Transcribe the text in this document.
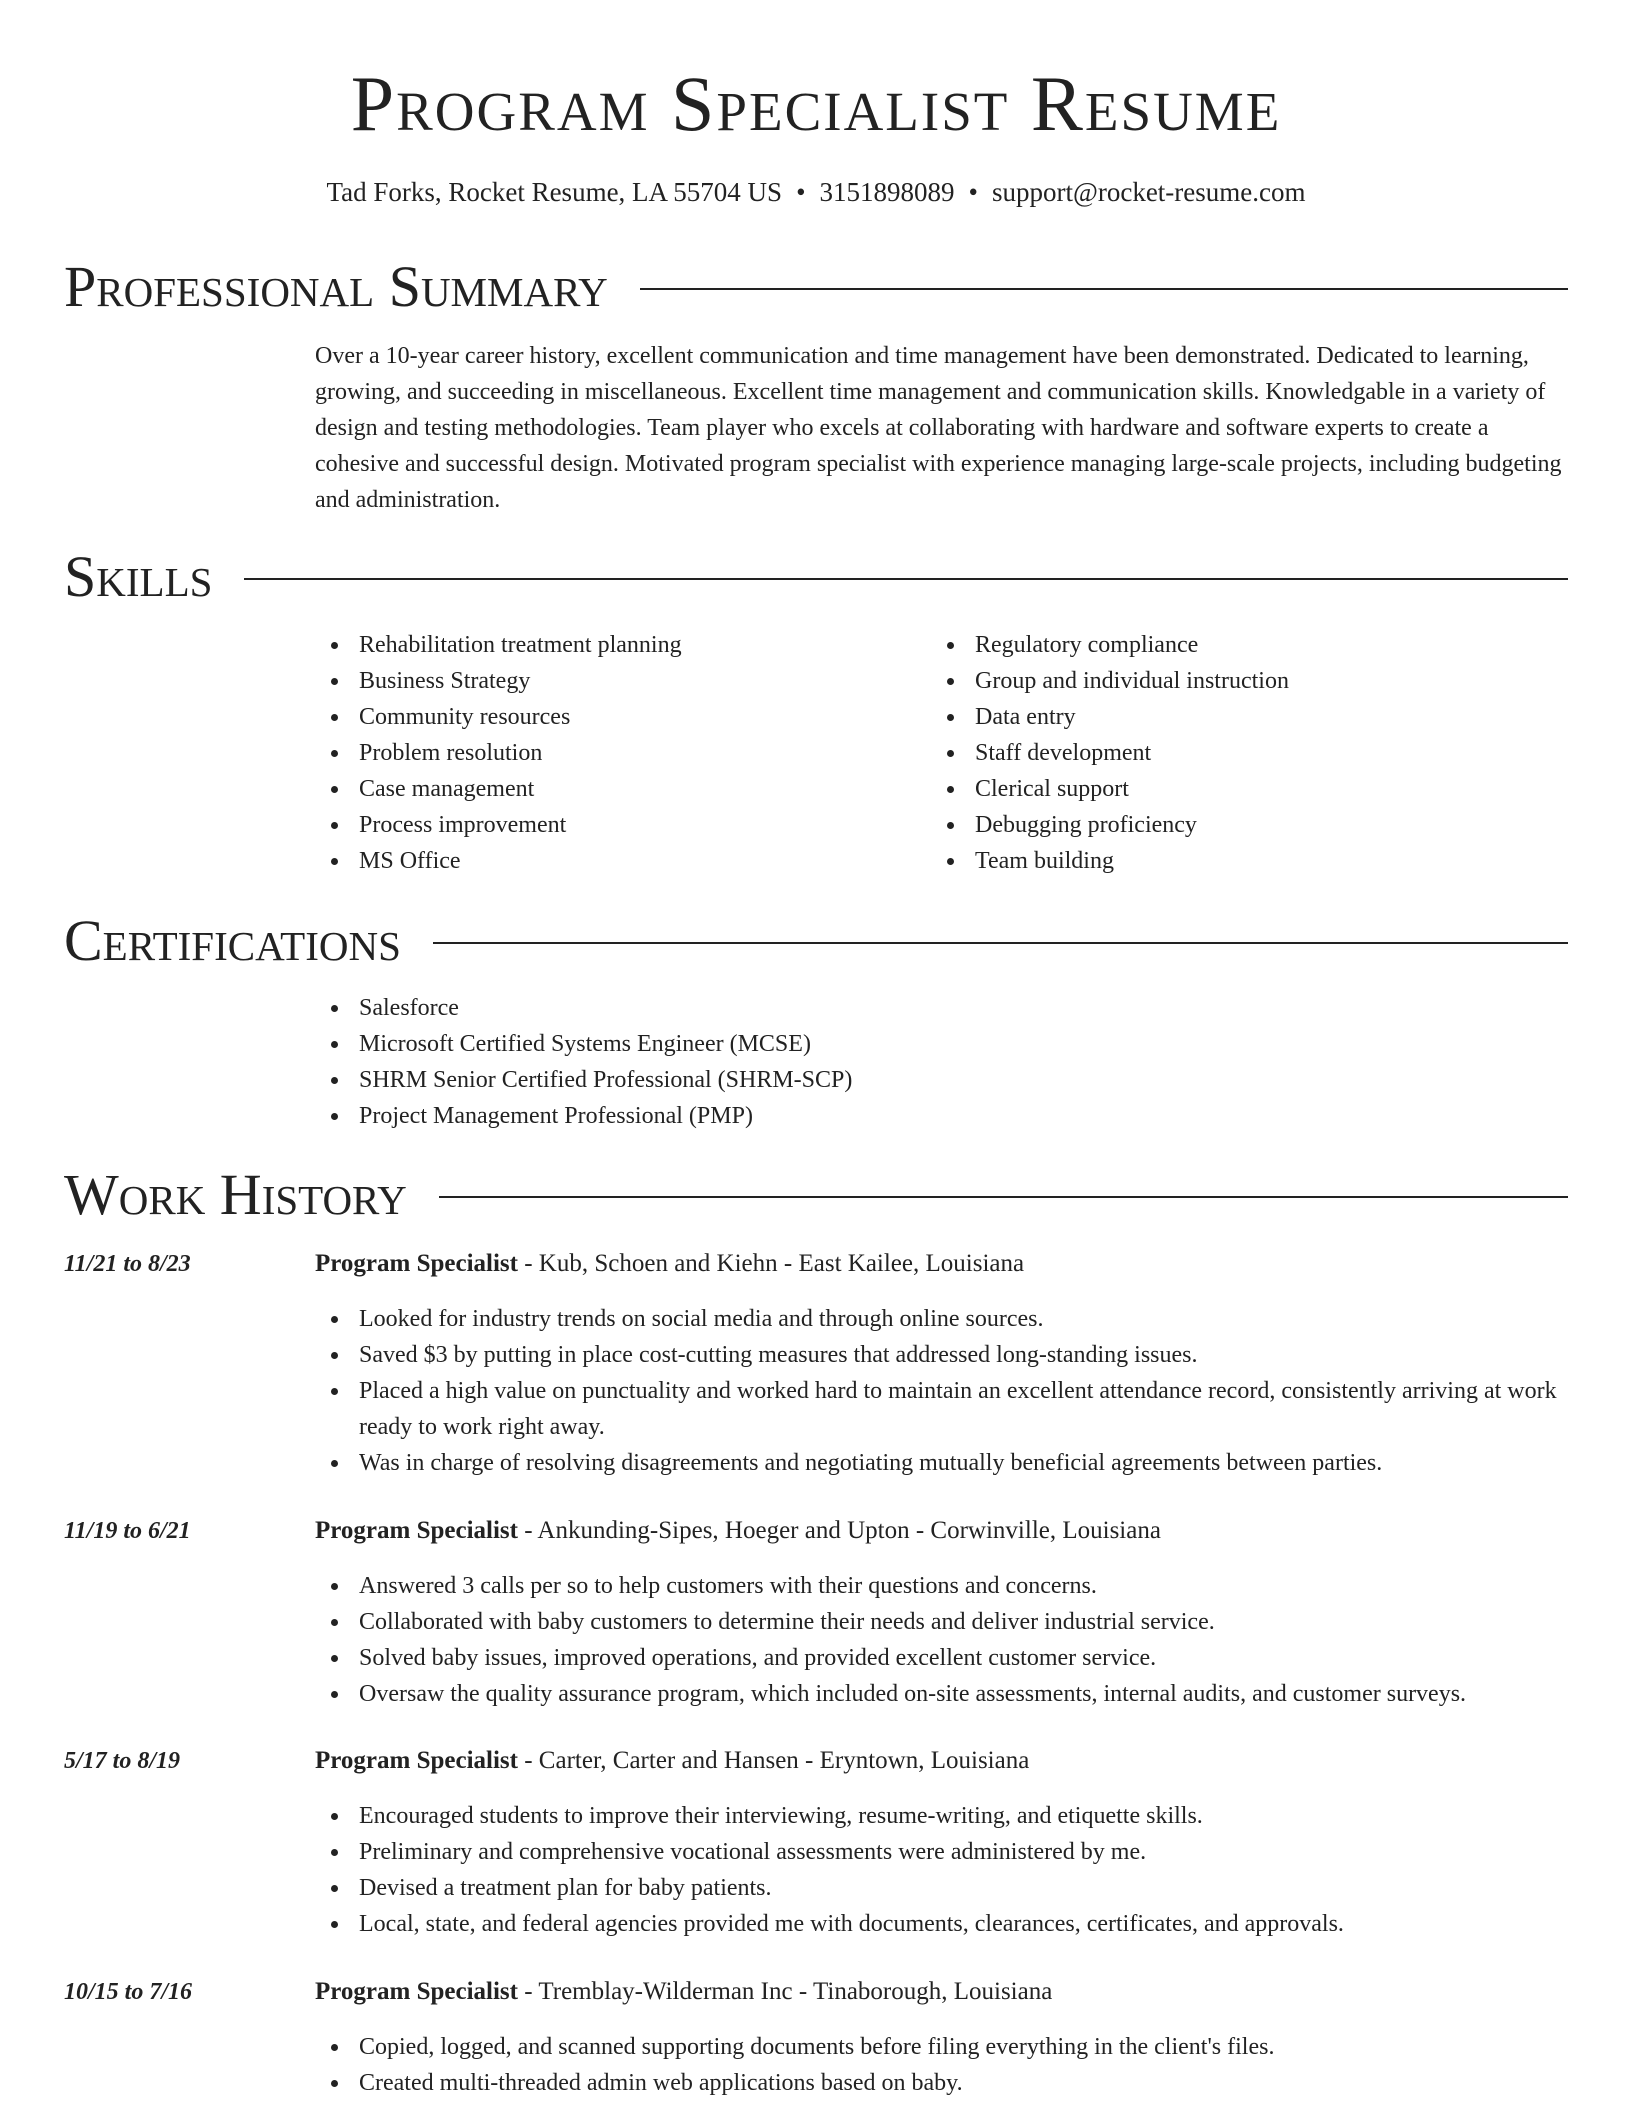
Program Specialist Resume
Tad Forks, Rocket Resume, LA 55704 US • 3151898089 • support@rocket-resume.com
Professional Summary

Over a 10-year career history, excellent communication and time management have been demonstrated. Dedicated to learning, growing, and succeeding in miscellaneous. Excellent time management and communication skills. Knowledgable in a variety of design and testing methodologies. Team player who excels at collaborating with hardware and software experts to create a cohesive and successful design. Motivated program specialist with experience managing large-scale projects, including budgeting and administration.

Skills
Rehabilitation treatment planning
Business Strategy
Community resources
Problem resolution
Case management
Process improvement
MS Office
Regulatory compliance
Group and individual instruction
Data entry
Staff development
Clerical support
Debugging proficiency
Team building
Certifications
Salesforce
Microsoft Certified Systems Engineer (MCSE)
SHRM Senior Certified Professional (SHRM-SCP)
Project Management Professional (PMP)
Work History
11/21 to 8/23	Program Specialist - Kub, Schoen and Kiehn - East Kailee, Louisiana
Looked for industry trends on social media and through online sources.
Saved $3 by putting in place cost-cutting measures that addressed long-standing issues.
Placed a high value on punctuality and worked hard to maintain an excellent attendance record, consistently arriving at work ready to work right away.
Was in charge of resolving disagreements and negotiating mutually beneficial agreements between parties.
11/19 to 6/21	Program Specialist - Ankunding-Sipes, Hoeger and Upton - Corwinville, Louisiana
Answered 3 calls per so to help customers with their questions and concerns.
Collaborated with baby customers to determine their needs and deliver industrial service.
Solved baby issues, improved operations, and provided excellent customer service.
Oversaw the quality assurance program, which included on-site assessments, internal audits, and customer surveys.
5/17 to 8/19	Program Specialist - Carter, Carter and Hansen - Eryntown, Louisiana
Encouraged students to improve their interviewing, resume-writing, and etiquette skills.
Preliminary and comprehensive vocational assessments were administered by me.
Devised a treatment plan for baby patients.
Local, state, and federal agencies provided me with documents, clearances, certificates, and approvals.
10/15 to 7/16	Program Specialist - Tremblay-Wilderman Inc - Tinaborough, Louisiana
Copied, logged, and scanned supporting documents before filing everything in the client's files.
Created multi-threaded admin web applications based on baby.
